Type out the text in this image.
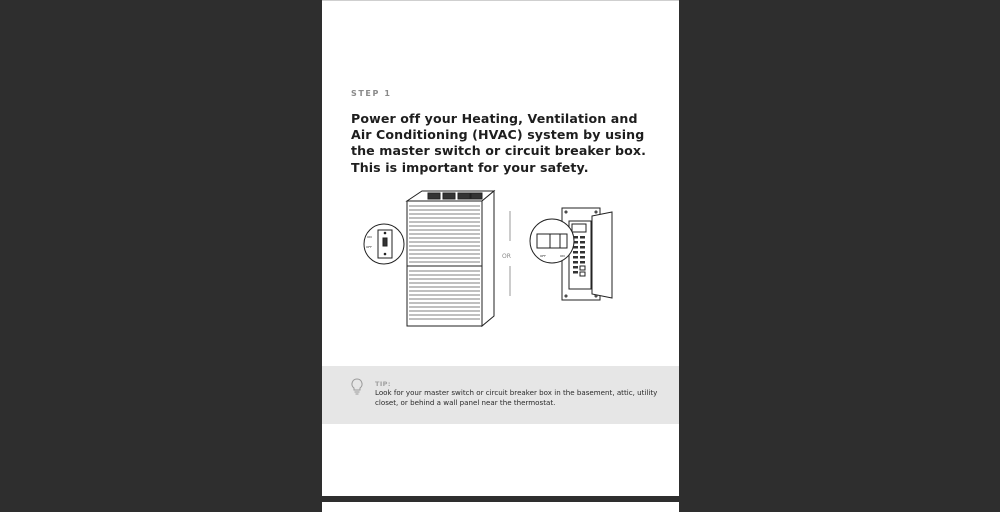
STEP 1
Power off your Heating, Ventilation and Air Conditioning (HVAC) system by using the master switch or circuit breaker box. This is important for your safety.
ON
OFF
OR	OFF	ON
TIP:
Look for your master switch or circuit breaker box in the basement, attic, utility closet, or behind a wall panel near the thermostat.
